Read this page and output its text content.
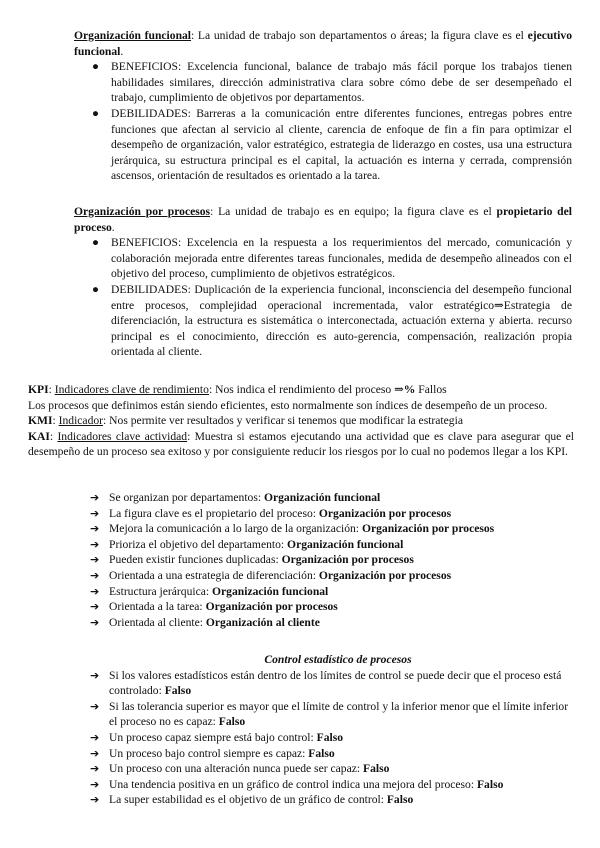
Organización funcional: La unidad de trabajo son departamentos o áreas; la figura clave es el ejecutivo funcional.
● BENEFICIOS: Excelencia funcional, balance de trabajo más fácil porque los trabajos tienen habilidades similares, dirección administrativa clara sobre cómo debe de ser desempeñado el trabajo, cumplimiento de objetivos por departamentos.
● DEBILIDADES: Barreras a la comunicación entre diferentes funciones, entregas pobres entre funciones que afectan al servicio al cliente, carencia de enfoque de fin a fin para optimizar el desempeño de organización, valor estratégico, estrategia de liderazgo en costes, usa una estructura jerárquica, su estructura principal es el capital, la actuación es interna y cerrada, comprensión ascensos, orientación de resultados es orientado a la tarea.
Organización por procesos: La unidad de trabajo es en equipo; la figura clave es el propietario del proceso.
● BENEFICIOS: Excelencia en la respuesta a los requerimientos del mercado, comunicación y colaboración mejorada entre diferentes tareas funcionales, medida de desempeño alineados con el objetivo del proceso, cumplimiento de objetivos estratégicos.
● DEBILIDADES: Duplicación de la experiencia funcional, inconsciencia del desempeño funcional entre procesos, complejidad operacional incrementada, valor estratégico⇒Estrategia de diferenciación, la estructura es sistemática o interconectada, actuación externa y abierta. recurso principal es el conocimiento, dirección es auto-gerencia, compensación, realización propia orientada al cliente.

KPI: Indicadores clave de rendimiento: Nos indica el rendimiento del proceso ⇒% Fallos

Los procesos que definimos están siendo eficientes, esto normalmente son índices de desempeño de un proceso.

KMI: Indicador: Nos permite ver resultados y verificar si tenemos que modificar la estrategia

KAI: Indicadores clave actividad: Muestra si estamos ejecutando una actividad que es clave para asegurar que el desempeño de un proceso sea exitoso y por consiguiente reducir los riesgos por lo cual no podemos llegar a los KPI.

➔ Se organizan por departamentos: Organización funcional
➔ La figura clave es el propietario del proceso: Organización por procesos
➔ Mejora la comunicación a lo largo de la organización: Organización por procesos
➔ Prioriza el objetivo del departamento: Organización funcional
➔ Pueden existir funciones duplicadas: Organización por procesos
➔ Orientada a una estrategia de diferenciación: Organización por procesos
➔ Estructura jerárquica: Organización funcional
➔ Orientada a la tarea: Organización por procesos
➔ Orientada al cliente: Organización al cliente
Control estadístico de procesos
➔ Si los valores estadísticos están dentro de los límites de control se puede decir que el proceso está controlado: Falso
➔ Si las tolerancia superior es mayor que el límite de control y la inferior menor que el límite inferior el proceso no es capaz: Falso
➔ Un proceso capaz siempre está bajo control: Falso
➔ Un proceso bajo control siempre es capaz: Falso
➔ Un proceso con una alteración nunca puede ser capaz: Falso
➔ Una tendencia positiva en un gráfico de control indica una mejora del proceso: Falso
➔ La super estabilidad es el objetivo de un gráfico de control: Falso
